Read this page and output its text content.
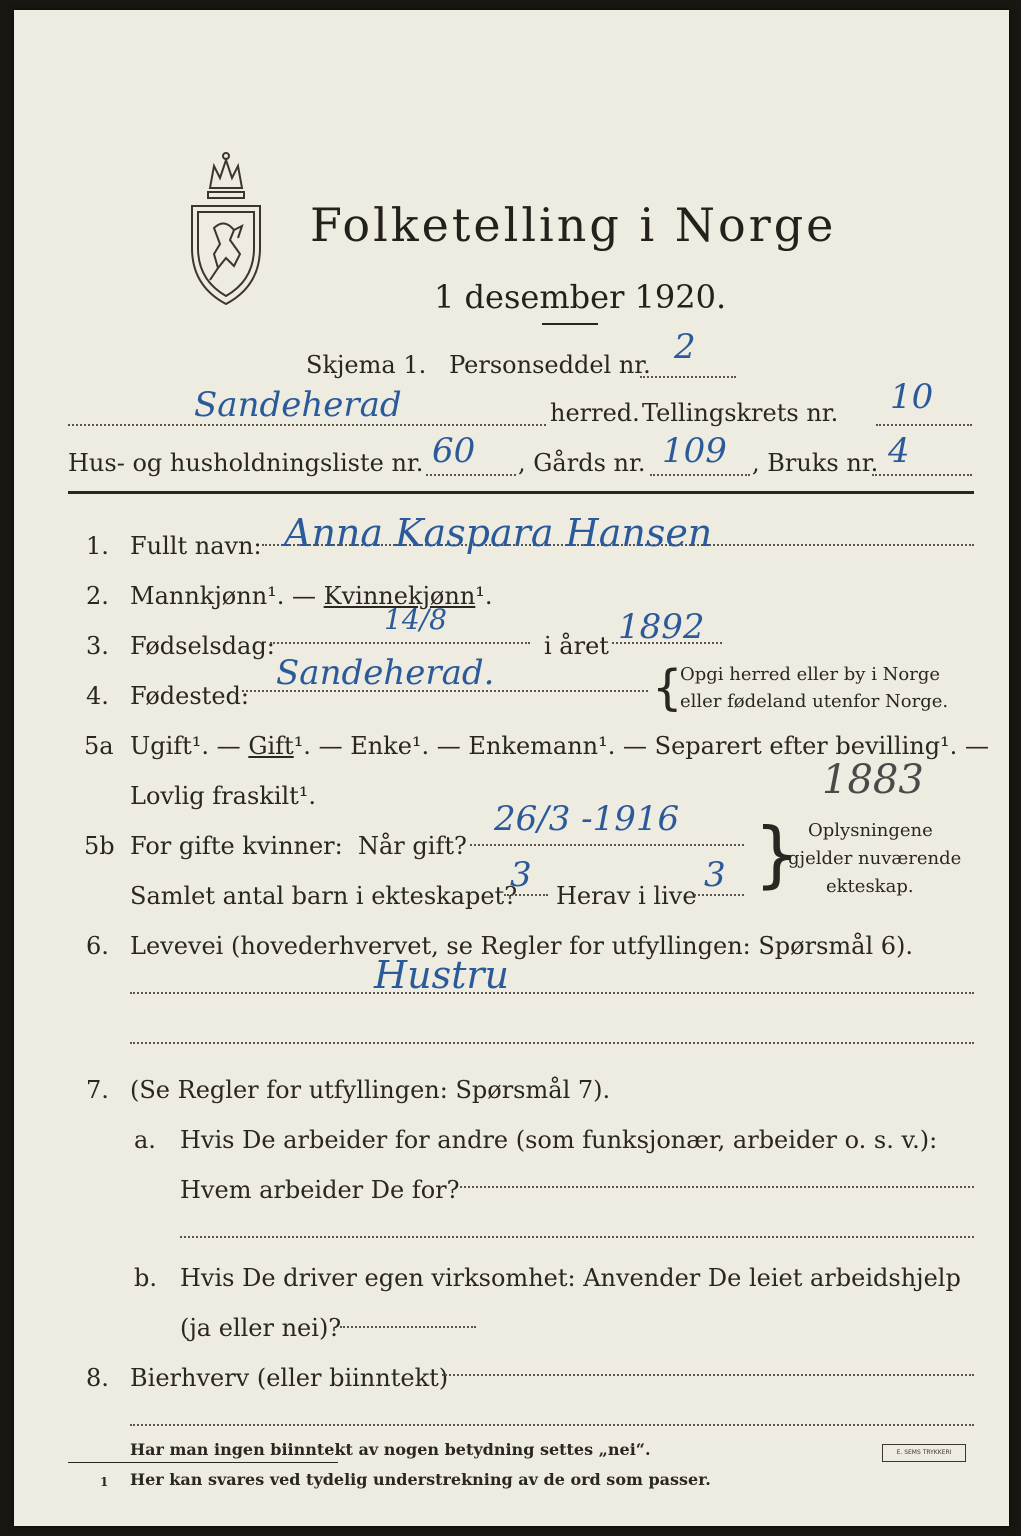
Folketelling i Norge
1 desember 1920.
Skjema 1.   Personseddel nr. 2
Sandeherad	herred. Tellingskrets nr. 10
Hus- og husholdningsliste nr. 60 , Gårds nr. 109 , Bruks nr. 4
1. Fullt navn: Anna Kaspara Hansen
2. Mannkjønn¹. — Kvinnekjønn¹.
3. Fødselsdag:
14/8
i året 1892
4. Fødested:
Sandeherad.	{
Opgi herred eller by i Norge
eller fødeland utenfor Norge.
5a Ugift¹. — Gift¹. — Enke¹. — Enkemann¹. — Separert efter bevilling¹. —
Lovlig fraskilt¹.	1883
5b For gifte kvinner:  Når gift?
26/3 -1916
Samlet antal barn i ekteskapet?
3
Herav i live
3 } Oplysningene
gjelder nuværende
ekteskap.
6. Levevei (hovederhvervet, se Regler for utfyllingen: Spørsmål 6).
Hustru
7. (Se Regler for utfyllingen: Spørsmål 7).
a. Hvis De arbeider for andre (som funksjonær, arbeider o. s. v.):
Hvem arbeider De for?
b. Hvis De driver egen virksomhet: Anvender De leiet arbeidshjelp
(ja eller nei)?
8. Bierhverv (eller biinntekt)
Har man ingen biinntekt av nogen betydning settes „nei“.
1 Her kan svares ved tydelig understrekning av de ord som passer.
E. SEMS TRYKKERI
